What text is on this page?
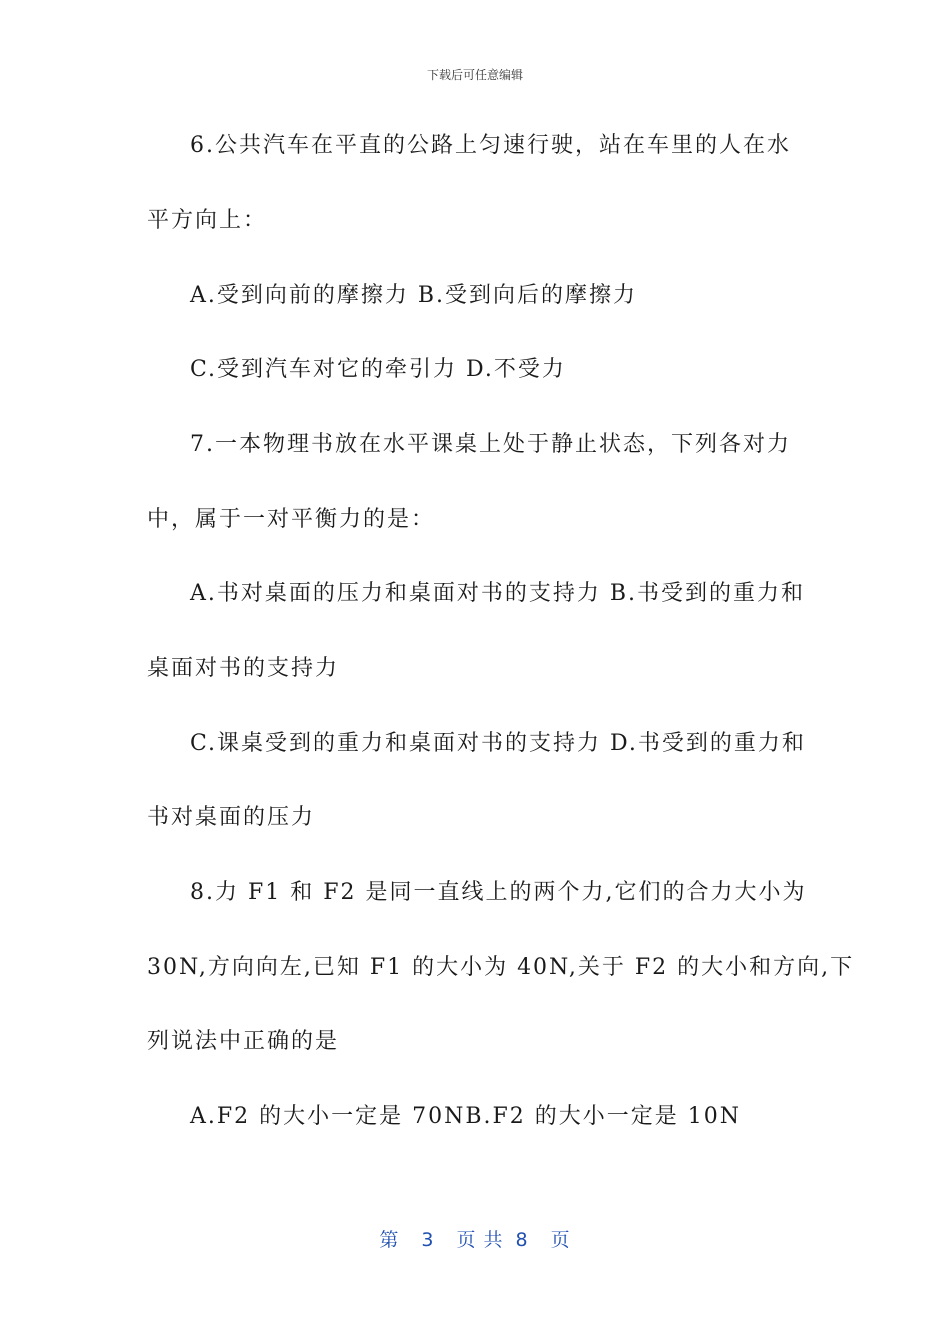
下载后可任意编辑
6.公共汽车在平直的公路上匀速行驶，站在车里的人在水
平方向上：
A.受到向前的摩擦力 B.受到向后的摩擦力
C.受到汽车对它的牵引力 D.不受力
7.一本物理书放在水平课桌上处于静止状态，下列各对力
中，属于一对平衡力的是：
A.书对桌面的压力和桌面对书的支持力 B.书受到的重力和
桌面对书的支持力
C.课桌受到的重力和桌面对书的支持力 D.书受到的重力和
书对桌面的压力
8.力 F1 和 F2 是同一直线上的两个力,它们的合力大小为
30N,方向向左,已知 F1 的大小为 40N,关于 F2 的大小和方向,下
列说法中正确的是
A.F2 的大小一定是 70NB.F2 的大小一定是 10N
第 3 页 共 8 页
